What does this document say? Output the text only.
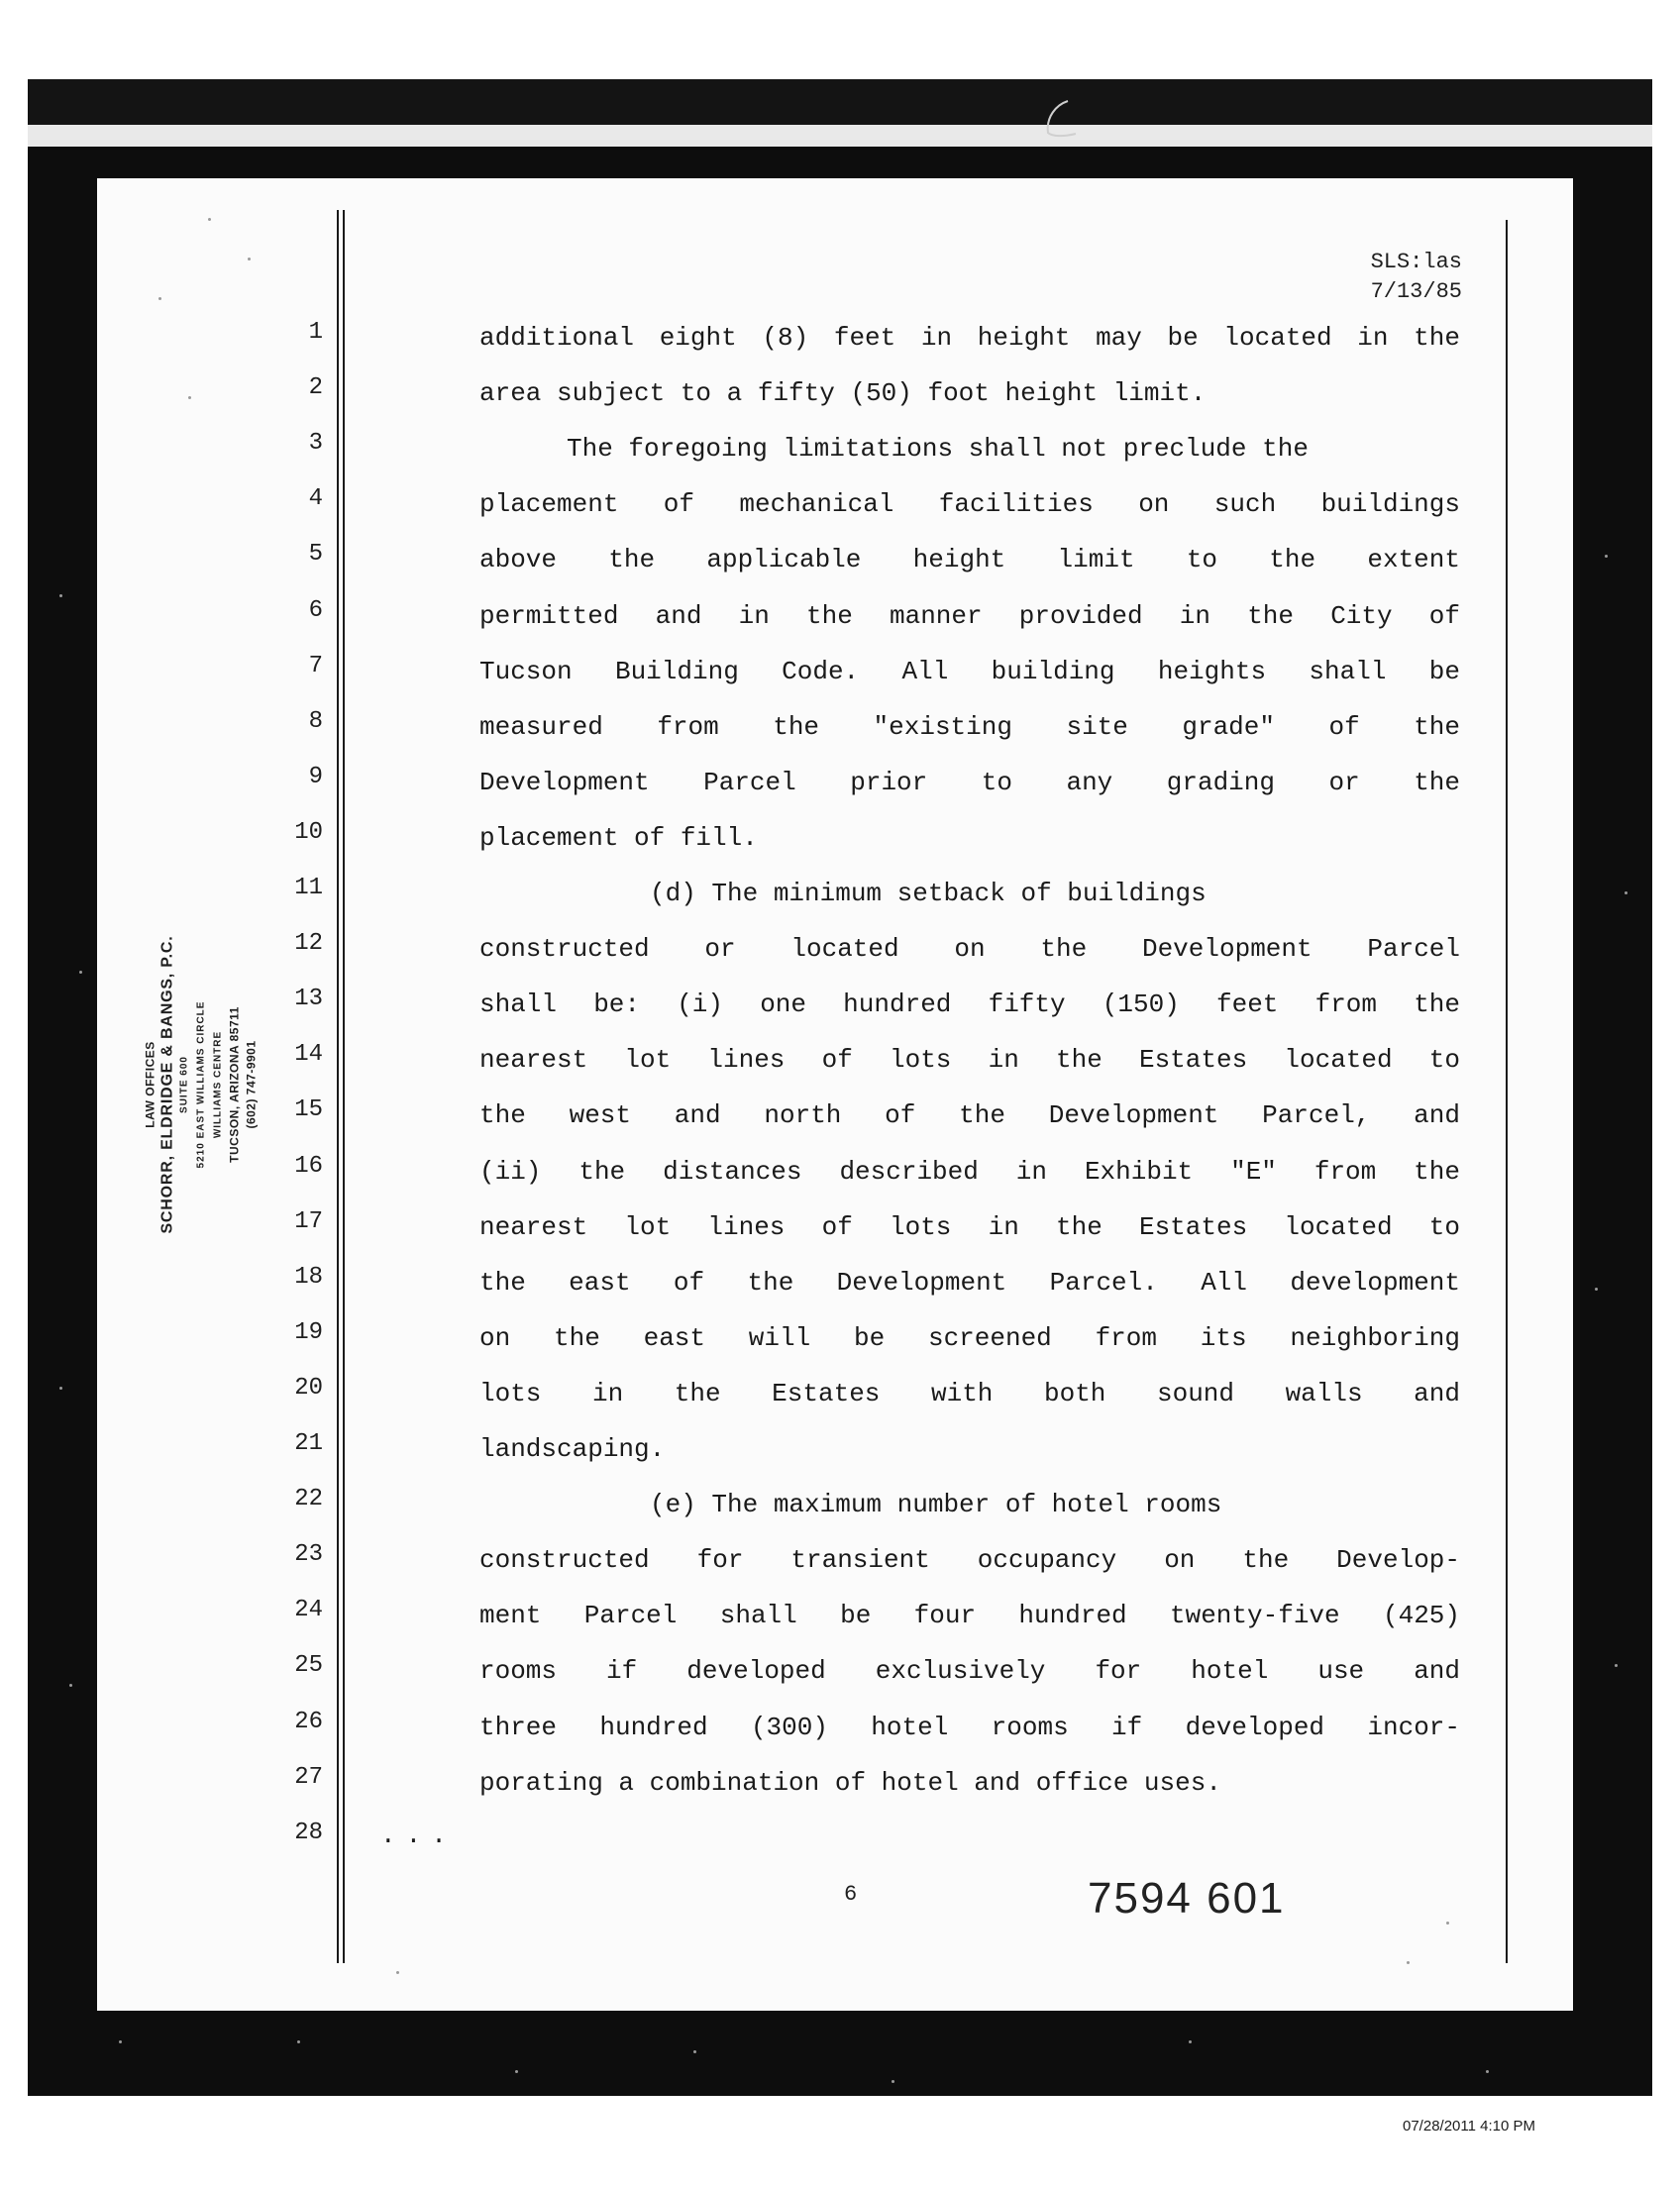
LAW OFFICES SCHORR, ELDRIDGE & BANGS, P.C. SUITE 600 5210 EAST WILLIAMS CIRCLE WILLIAMS CENTRE TUCSON, ARIZONA 85711 (602) 747-9901
SLS:las
7/13/85
1
2
3
4
5
6
7
8
9
10
11
12
13
14
15
16
17
18
19
20
21
22
23
24
25
26
27
28
additional eight (8) feet in height may be located in the
area subject to a fifty (50) foot height limit.
The foregoing limitations shall not preclude the
placement of mechanical facilities on such buildings
above the applicable height limit to the extent
permitted and in the manner provided in the City of
Tucson Building Code. All building heights shall be
measured from the "existing site grade" of the
Development Parcel prior to any grading or the
placement of fill.
(d) The minimum setback of buildings
constructed or located on the Development Parcel
shall be: (i) one hundred fifty (150) feet from the
nearest lot lines of lots in the Estates located to
the west and north of the Development Parcel, and
(ii) the distances described in Exhibit "E" from the
nearest lot lines of lots in the Estates located to
the east of the Development Parcel. All development
on the east will be screened from its neighboring
lots in the Estates with both sound walls and
landscaping.
(e) The maximum number of hotel rooms
constructed for transient occupancy on the Develop-
ment Parcel shall be four hundred twenty-five (425)
rooms if developed exclusively for hotel use and
three hundred (300) hotel rooms if developed incor-
porating a combination of hotel and office uses.
...
6	7594 601
07/28/2011 4:10 PM
